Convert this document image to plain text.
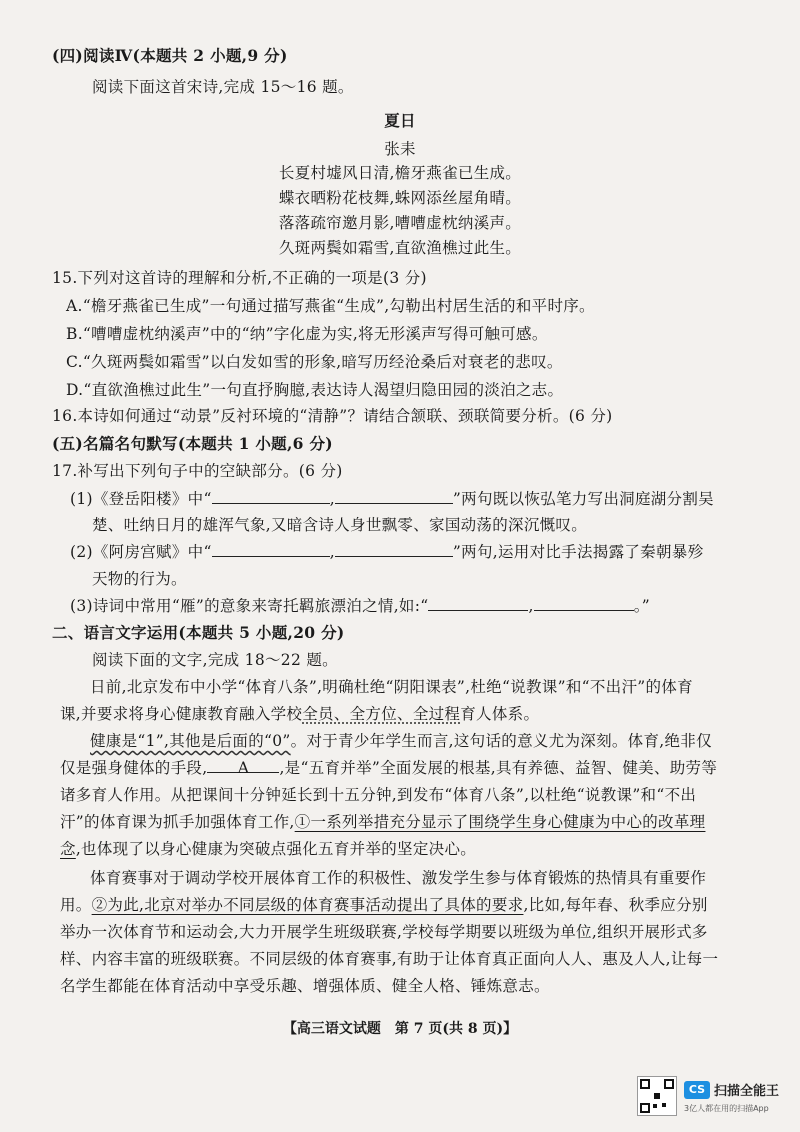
(四)阅读Ⅳ(本题共 2 小题,9 分)
阅读下面这首宋诗,完成 15～16 题。
夏日
张耒
长夏村墟风日清,檐牙燕雀已生成。
蝶衣晒粉花枝舞,蛛网添丝屋角晴。
落落疏帘邀月影,嘈嘈虚枕纳溪声。
久斑两鬓如霜雪,直欲渔樵过此生。
15.下列对这首诗的理解和分析,不正确的一项是(3 分)
A.“檐牙燕雀已生成”一句通过描写燕雀“生成”,勾勒出村居生活的和平时序。
B.“嘈嘈虚枕纳溪声”中的“纳”字化虚为实,将无形溪声写得可触可感。
C.“久斑两鬓如霜雪”以白发如雪的形象,暗写历经沧桑后对衰老的悲叹。
D.“直欲渔樵过此生”一句直抒胸臆,表达诗人渴望归隐田园的淡泊之志。
16.本诗如何通过“动景”反衬环境的“清静”？请结合颔联、颈联简要分析。(6 分)
(五)名篇名句默写(本题共 1 小题,6 分)
17.补写出下列句子中的空缺部分。(6 分)
(1)《登岳阳楼》中“	,	”两句既以恢弘笔力写出洞庭湖分割吴
楚、吐纳日月的雄浑气象,又暗含诗人身世飘零、家国动荡的深沉慨叹。
(2)《阿房宫赋》中“	,	”两句,运用对比手法揭露了秦朝暴殄
天物的行为。
(3)诗词中常用“雁”的意象来寄托羁旅漂泊之情,如:“	,	。”
二、语言文字运用(本题共 5 小题,20 分)
阅读下面的文字,完成 18～22 题。
日前,北京发布中小学“体育八条”,明确杜绝“阴阳课表”,杜绝“说教课”和“不出汗”的体育
课,并要求将身心健康教育融入学校全员、全方位、全过程育人体系。
健康是“1”,其他是后面的“0”。对于青少年学生而言,这句话的意义尤为深刻。体育,绝非仅
仅是强身健体的手段, A ,是“五育并举”全面发展的根基,具有养德、益智、健美、助劳等
诸多育人作用。从把课间十分钟延长到十五分钟,到发布“体育八条”,以杜绝“说教课”和“不出
汗”的体育课为抓手加强体育工作,①一系列举措充分显示了围绕学生身心健康为中心的改革理
念,也体现了以身心健康为突破点强化五育并举的坚定决心。
体育赛事对于调动学校开展体育工作的积极性、激发学生参与体育锻炼的热情具有重要作
用。②为此,北京对举办不同层级的体育赛事活动提出了具体的要求,比如,每年春、秋季应分别
举办一次体育节和运动会,大力开展学生班级联赛,学校每学期要以班级为单位,组织开展形式多
样、内容丰富的班级联赛。不同层级的体育赛事,有助于让体育真正面向人人、惠及人人,让每一
名学生都能在体育活动中享受乐趣、增强体质、健全人格、锤炼意志。
【高三语文试题　第 7 页(共 8 页)】
CS 扫描全能王
3亿人都在用的扫描App
